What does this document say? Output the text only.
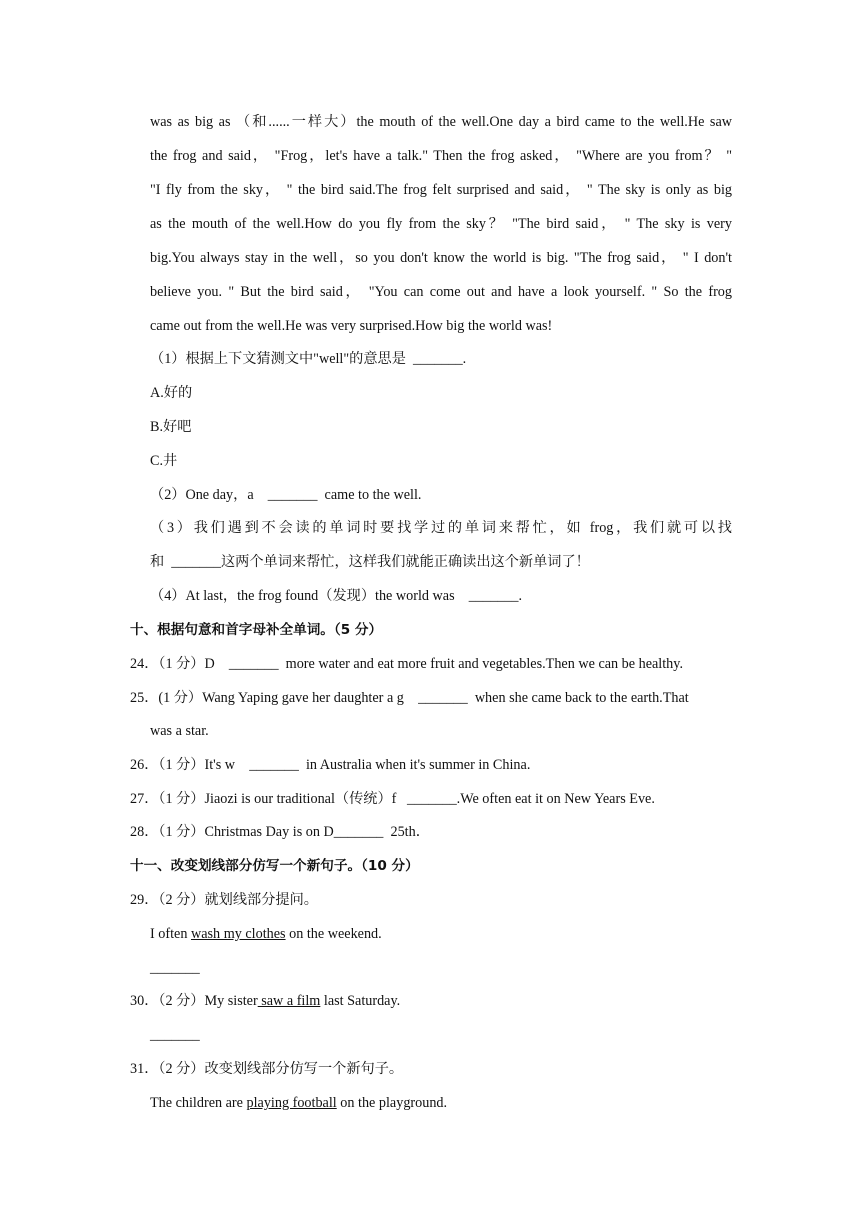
was as big as （和......一样大）the mouth of the well.One day a bird came to the well.He saw
the frog and said， "Frog，let's have a talk." Then the frog asked， "Where are you from？ "
"I fly from the sky， " the bird said.The frog felt surprised and said， " The sky is only as big
as the mouth of the well.How do you fly from the sky？ "The bird said， " The sky is very
big.You always stay in the well，so you don't know the world is big. "The frog said， " I don't
believe you. " But the bird said， "You can come out and have a look yourself. " So the frog
came out from the well.He was very surprised.How big the world was!
（1）根据上下文猜测文中"well"的意思是  _______.
A.好的
B.好吧
C.井
（2）One day，a    _______  came to the well.
（3）我们遇到不会读的单词时要找学过的单词来帮忙，如 frog，我们就可以找
和  _______这两个单词来帮忙，这样我们就能正确读出这个新单词了！
（4）At last，the frog found（发现）the world was    _______.
十、根据句意和首字母补全单词。（5 分）
24．（1 分）D    _______  more water and eat more fruit and vegetables.Then we can be healthy.
25．(1 分）Wang Yaping gave her daughter a g    _______  when she came back to the earth.That
was a star.
26．（1 分）It's w    _______  in Australia when it's summer in China.
27．（1 分）Jiaozi is our traditional（传统）f   _______.We often eat it on New Years Eve.
28．（1 分）Christmas Day is on D_______  25th．
十一、改变划线部分仿写一个新句子。（10 分）
29．（2 分）就划线部分提问。
I often wash my clothes on the weekend.
_______
30．（2 分）My sister saw a film last Saturday.
_______
31．（2 分）改变划线部分仿写一个新句子。
The children are playing football on the playground.
